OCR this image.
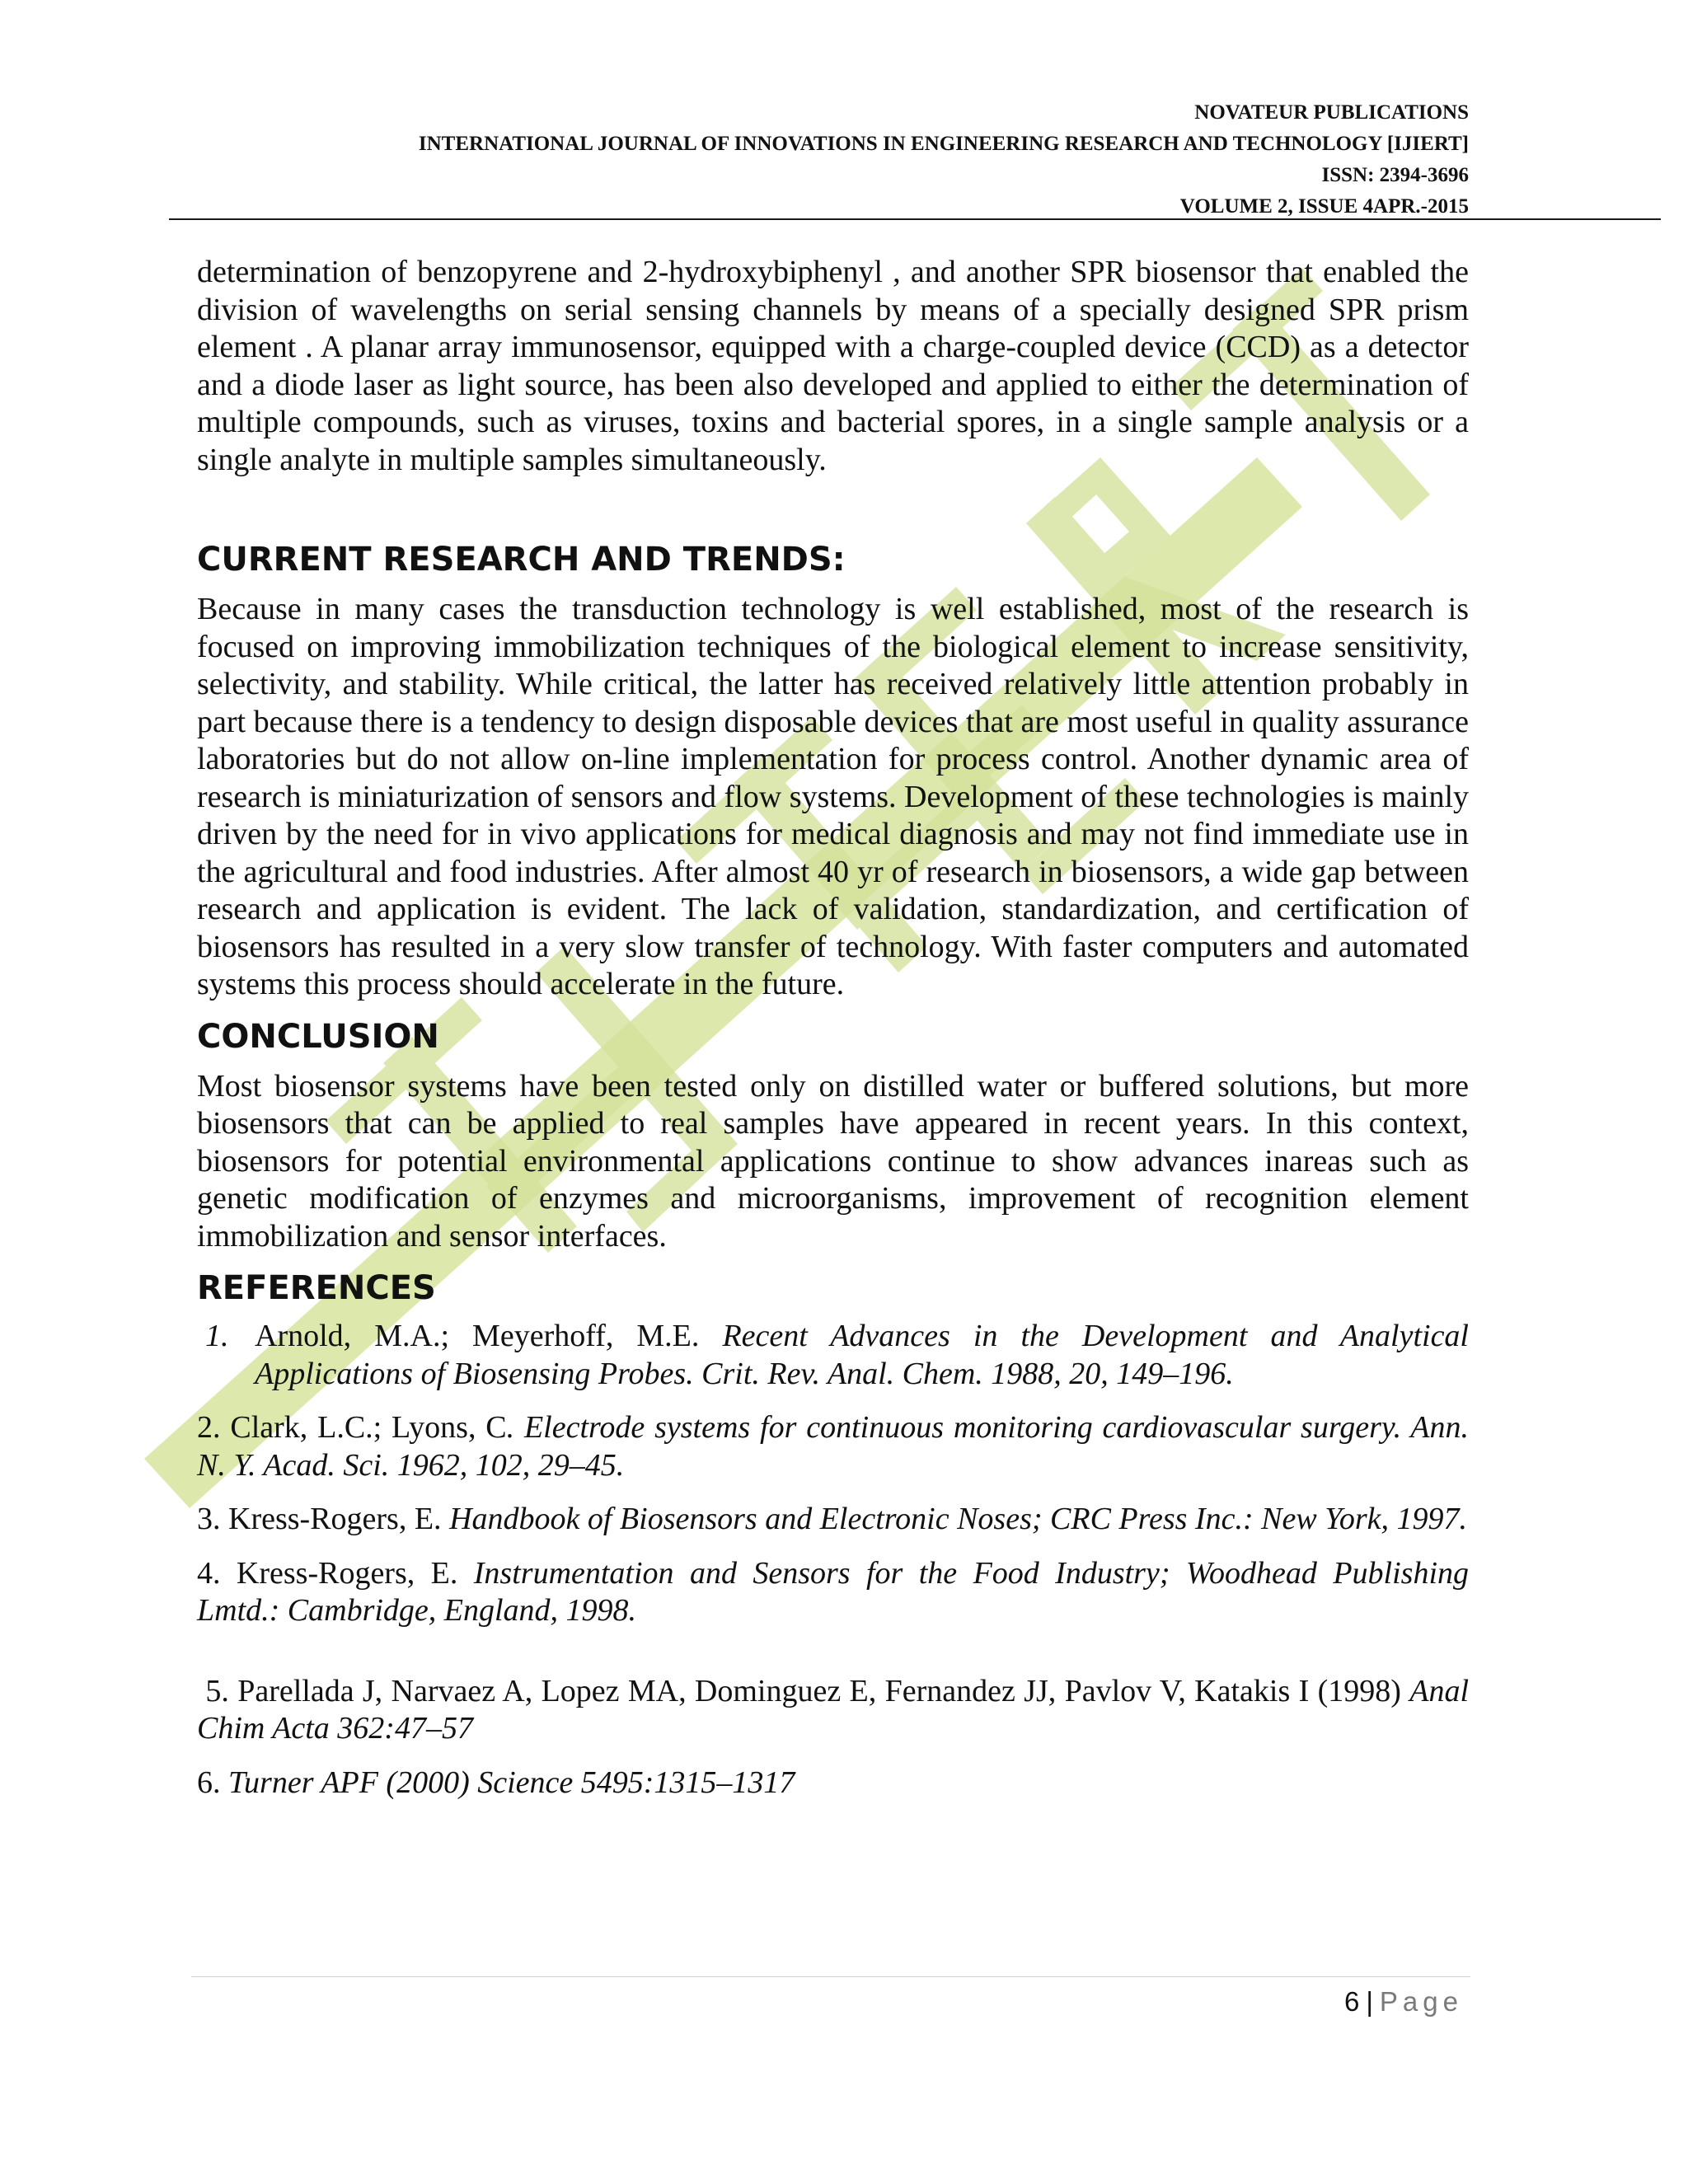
NOVATEUR PUBLICATIONS
INTERNATIONAL JOURNAL OF INNOVATIONS IN ENGINEERING RESEARCH AND TECHNOLOGY [IJIERT]
ISSN: 2394-3696
VOLUME 2, ISSUE 4APR.-2015

determination of benzopyrene and 2-hydroxybiphenyl , and another SPR biosensor that enabled the division of wavelengths on serial sensing channels by means of a specially designed SPR prism element . A planar array immunosensor, equipped with a charge-coupled device (CCD) as a detector and a diode laser as light source, has been also developed and applied to either the determination of multiple compounds, such as viruses, toxins and bacterial spores, in a single sample analysis or a single analyte in multiple samples simultaneously.

CURRENT RESEARCH AND TRENDS:

Because in many cases the transduction technology is well established, most of the research is focused on improving immobilization techniques of the biological element to increase sensitivity, selectivity, and stability. While critical, the latter has received relatively little attention probably in part because there is a tendency to design disposable devices that are most useful in quality assurance laboratories but do not allow on-line implementation for process control. Another dynamic area of research is miniaturization of sensors and flow systems. Development of these technologies is mainly driven by the need for in vivo applications for medical diagnosis and may not find immediate use in the agricultural and food industries. After almost 40 yr of research in biosensors, a wide gap between research and application is evident. The lack of validation, standardization, and certification of biosensors has resulted in a very slow transfer of technology. With faster computers and automated systems this process should accelerate in the future.

CONCLUSION

Most biosensor systems have been tested only on distilled water or buffered solutions, but more biosensors that can be applied to real samples have appeared in recent years. In this context, biosensors for potential environmental applications continue to show advances inareas such as genetic modification of enzymes and microorganisms, improvement of recognition element immobilization and sensor interfaces.

REFERENCES

1. Arnold, M.A.; Meyerhoff, M.E. Recent Advances in the Development and Analytical Applications of Biosensing Probes. Crit. Rev. Anal. Chem. 1988, 20, 149–196.

2. Clark, L.C.; Lyons, C. Electrode systems for continuous monitoring cardiovascular surgery. Ann. N. Y. Acad. Sci. 1962, 102, 29–45.

3. Kress-Rogers, E. Handbook of Biosensors and Electronic Noses; CRC Press Inc.: New York, 1997.

4. Kress-Rogers, E. Instrumentation and Sensors for the Food Industry; Woodhead Publishing Lmtd.: Cambridge, England, 1998.

5. Parellada J, Narvaez A, Lopez MA, Dominguez E, Fernandez JJ, Pavlov V, Katakis I (1998) Anal Chim Acta 362:47–57

6. Turner APF (2000) Science 5495:1315–1317

6 | Page
